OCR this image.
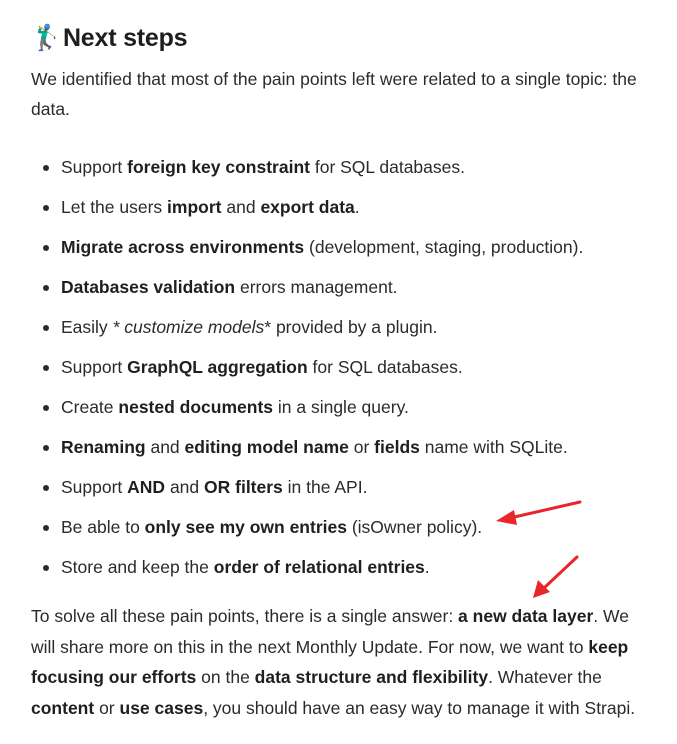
🏌️‍♂️Next steps

We identified that most of the pain points left were related to a single topic: the data.

Support foreign key constraint for SQL databases.
Let the users import and export data.
Migrate across environments (development, staging, production).
Databases validation errors management.
Easily * customize models* provided by a plugin.
Support GraphQL aggregation for SQL databases.
Create nested documents in a single query.
Renaming and editing model name or fields name with SQLite.
Support AND and OR filters in the API.
Be able to only see my own entries (isOwner policy).
Store and keep the order of relational entries.

To solve all these pain points, there is a single answer: a new data layer. We will share more on this in the next Monthly Update. For now, we want to keep focusing our efforts on the data structure and flexibility. Whatever the content or use cases, you should have an easy way to manage it with Strapi.
